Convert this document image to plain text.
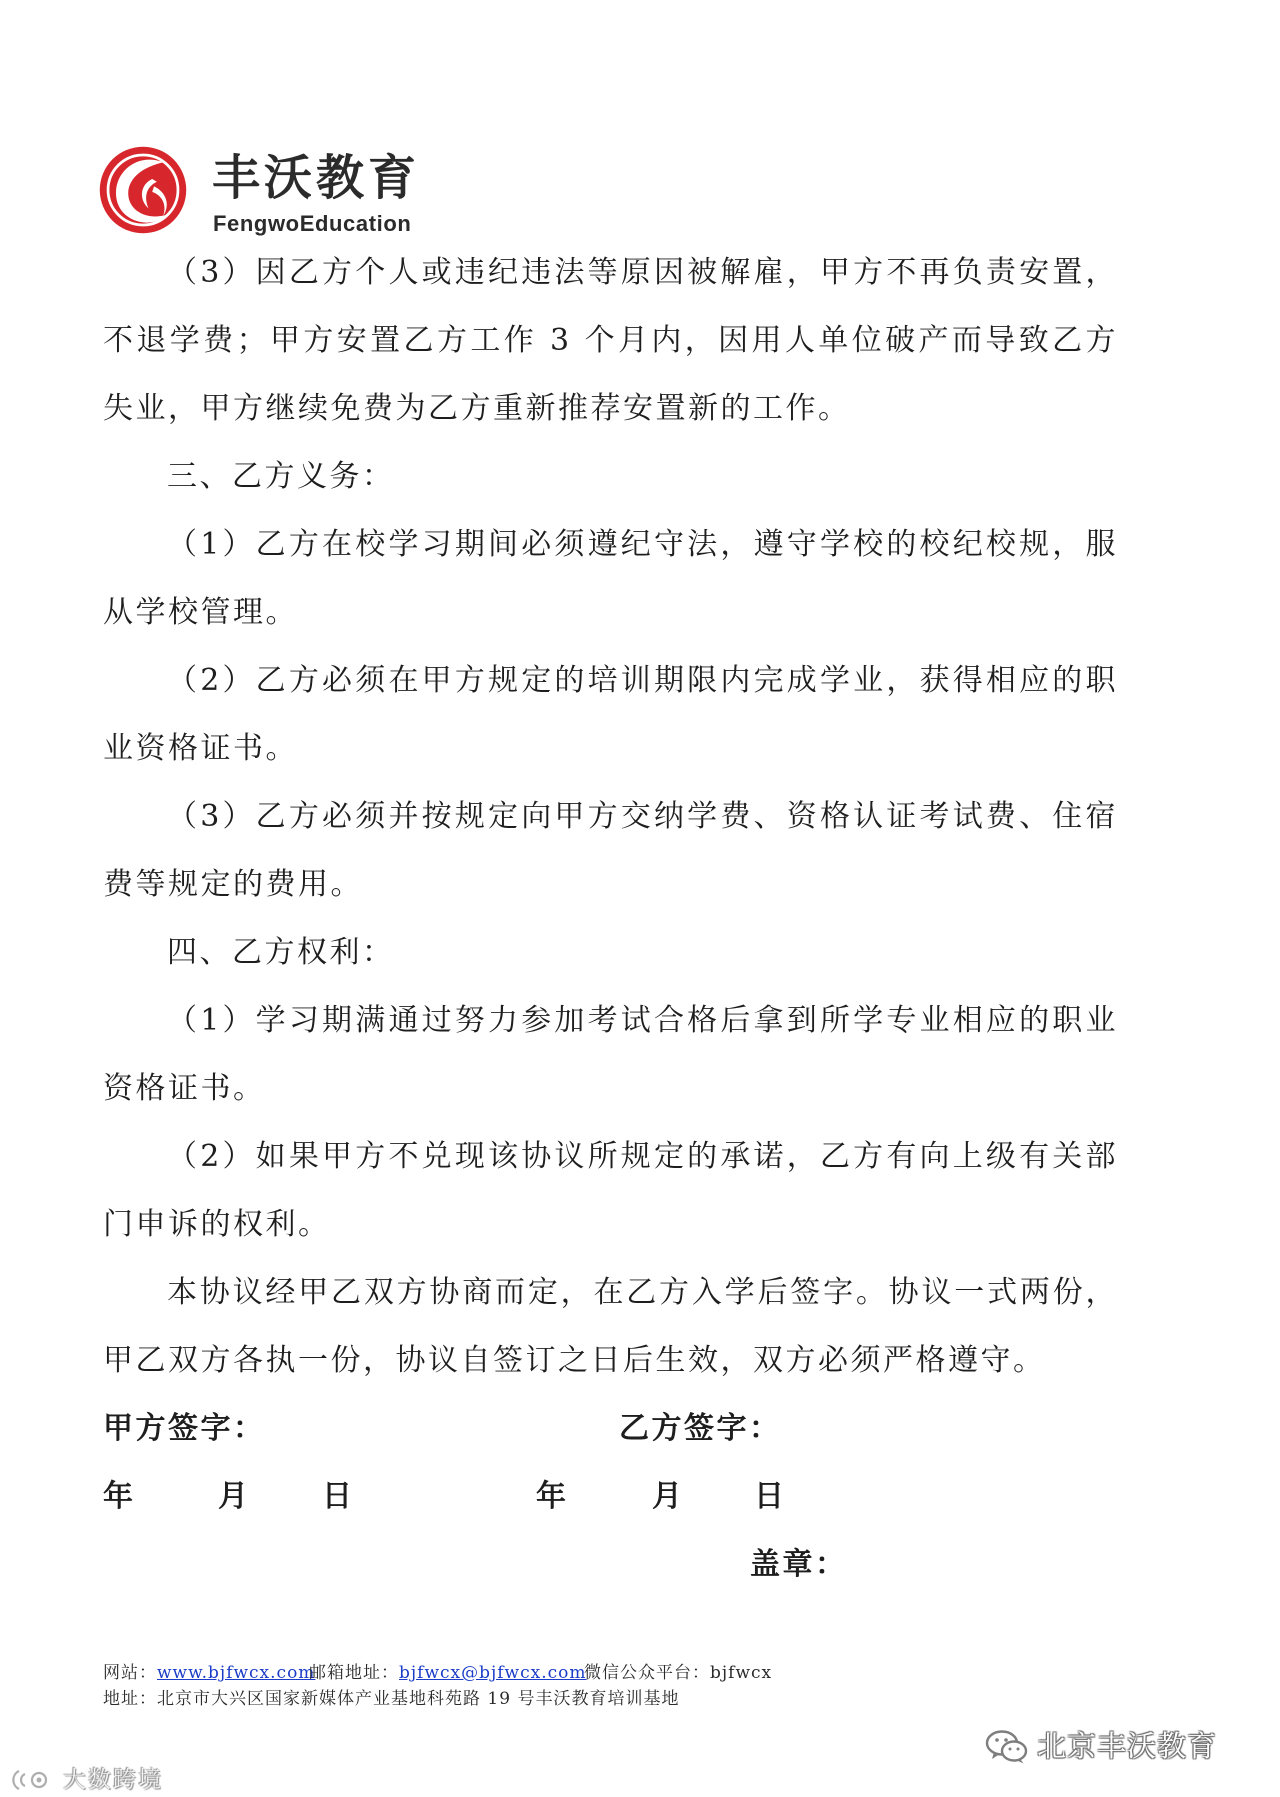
丰沃教育
FengwoEducation
（3）因乙方个人或违纪违法等原因被解雇，甲方不再负责安置，
不退学费；甲方安置乙方工作 3 个月内，因用人单位破产而导致乙方
失业，甲方继续免费为乙方重新推荐安置新的工作。
三、乙方义务：
（1）乙方在校学习期间必须遵纪守法，遵守学校的校纪校规，服
从学校管理。
（2）乙方必须在甲方规定的培训期限内完成学业，获得相应的职
业资格证书。
（3）乙方必须并按规定向甲方交纳学费、资格认证考试费、住宿
费等规定的费用。
四、乙方权利：
（1）学习期满通过努力参加考试合格后拿到所学专业相应的职业
资格证书。
（2）如果甲方不兑现该协议所规定的承诺，乙方有向上级有关部
门申诉的权利。
本协议经甲乙双方协商而定，在乙方入学后签字。协议一式两份，
甲乙双方各执一份，协议自签订之日后生效，双方必须严格遵守。
甲方签字：	乙方签字：
年	月 日	年	月 日
盖章：
网站：www.bjfwcx.com
邮箱地址：bjfwcx@bjfwcx.com
微信公众平台：bjfwcx
地址：北京市大兴区国家新媒体产业基地科苑路 19 号丰沃教育培训基地
北京丰沃教育
大数跨境
